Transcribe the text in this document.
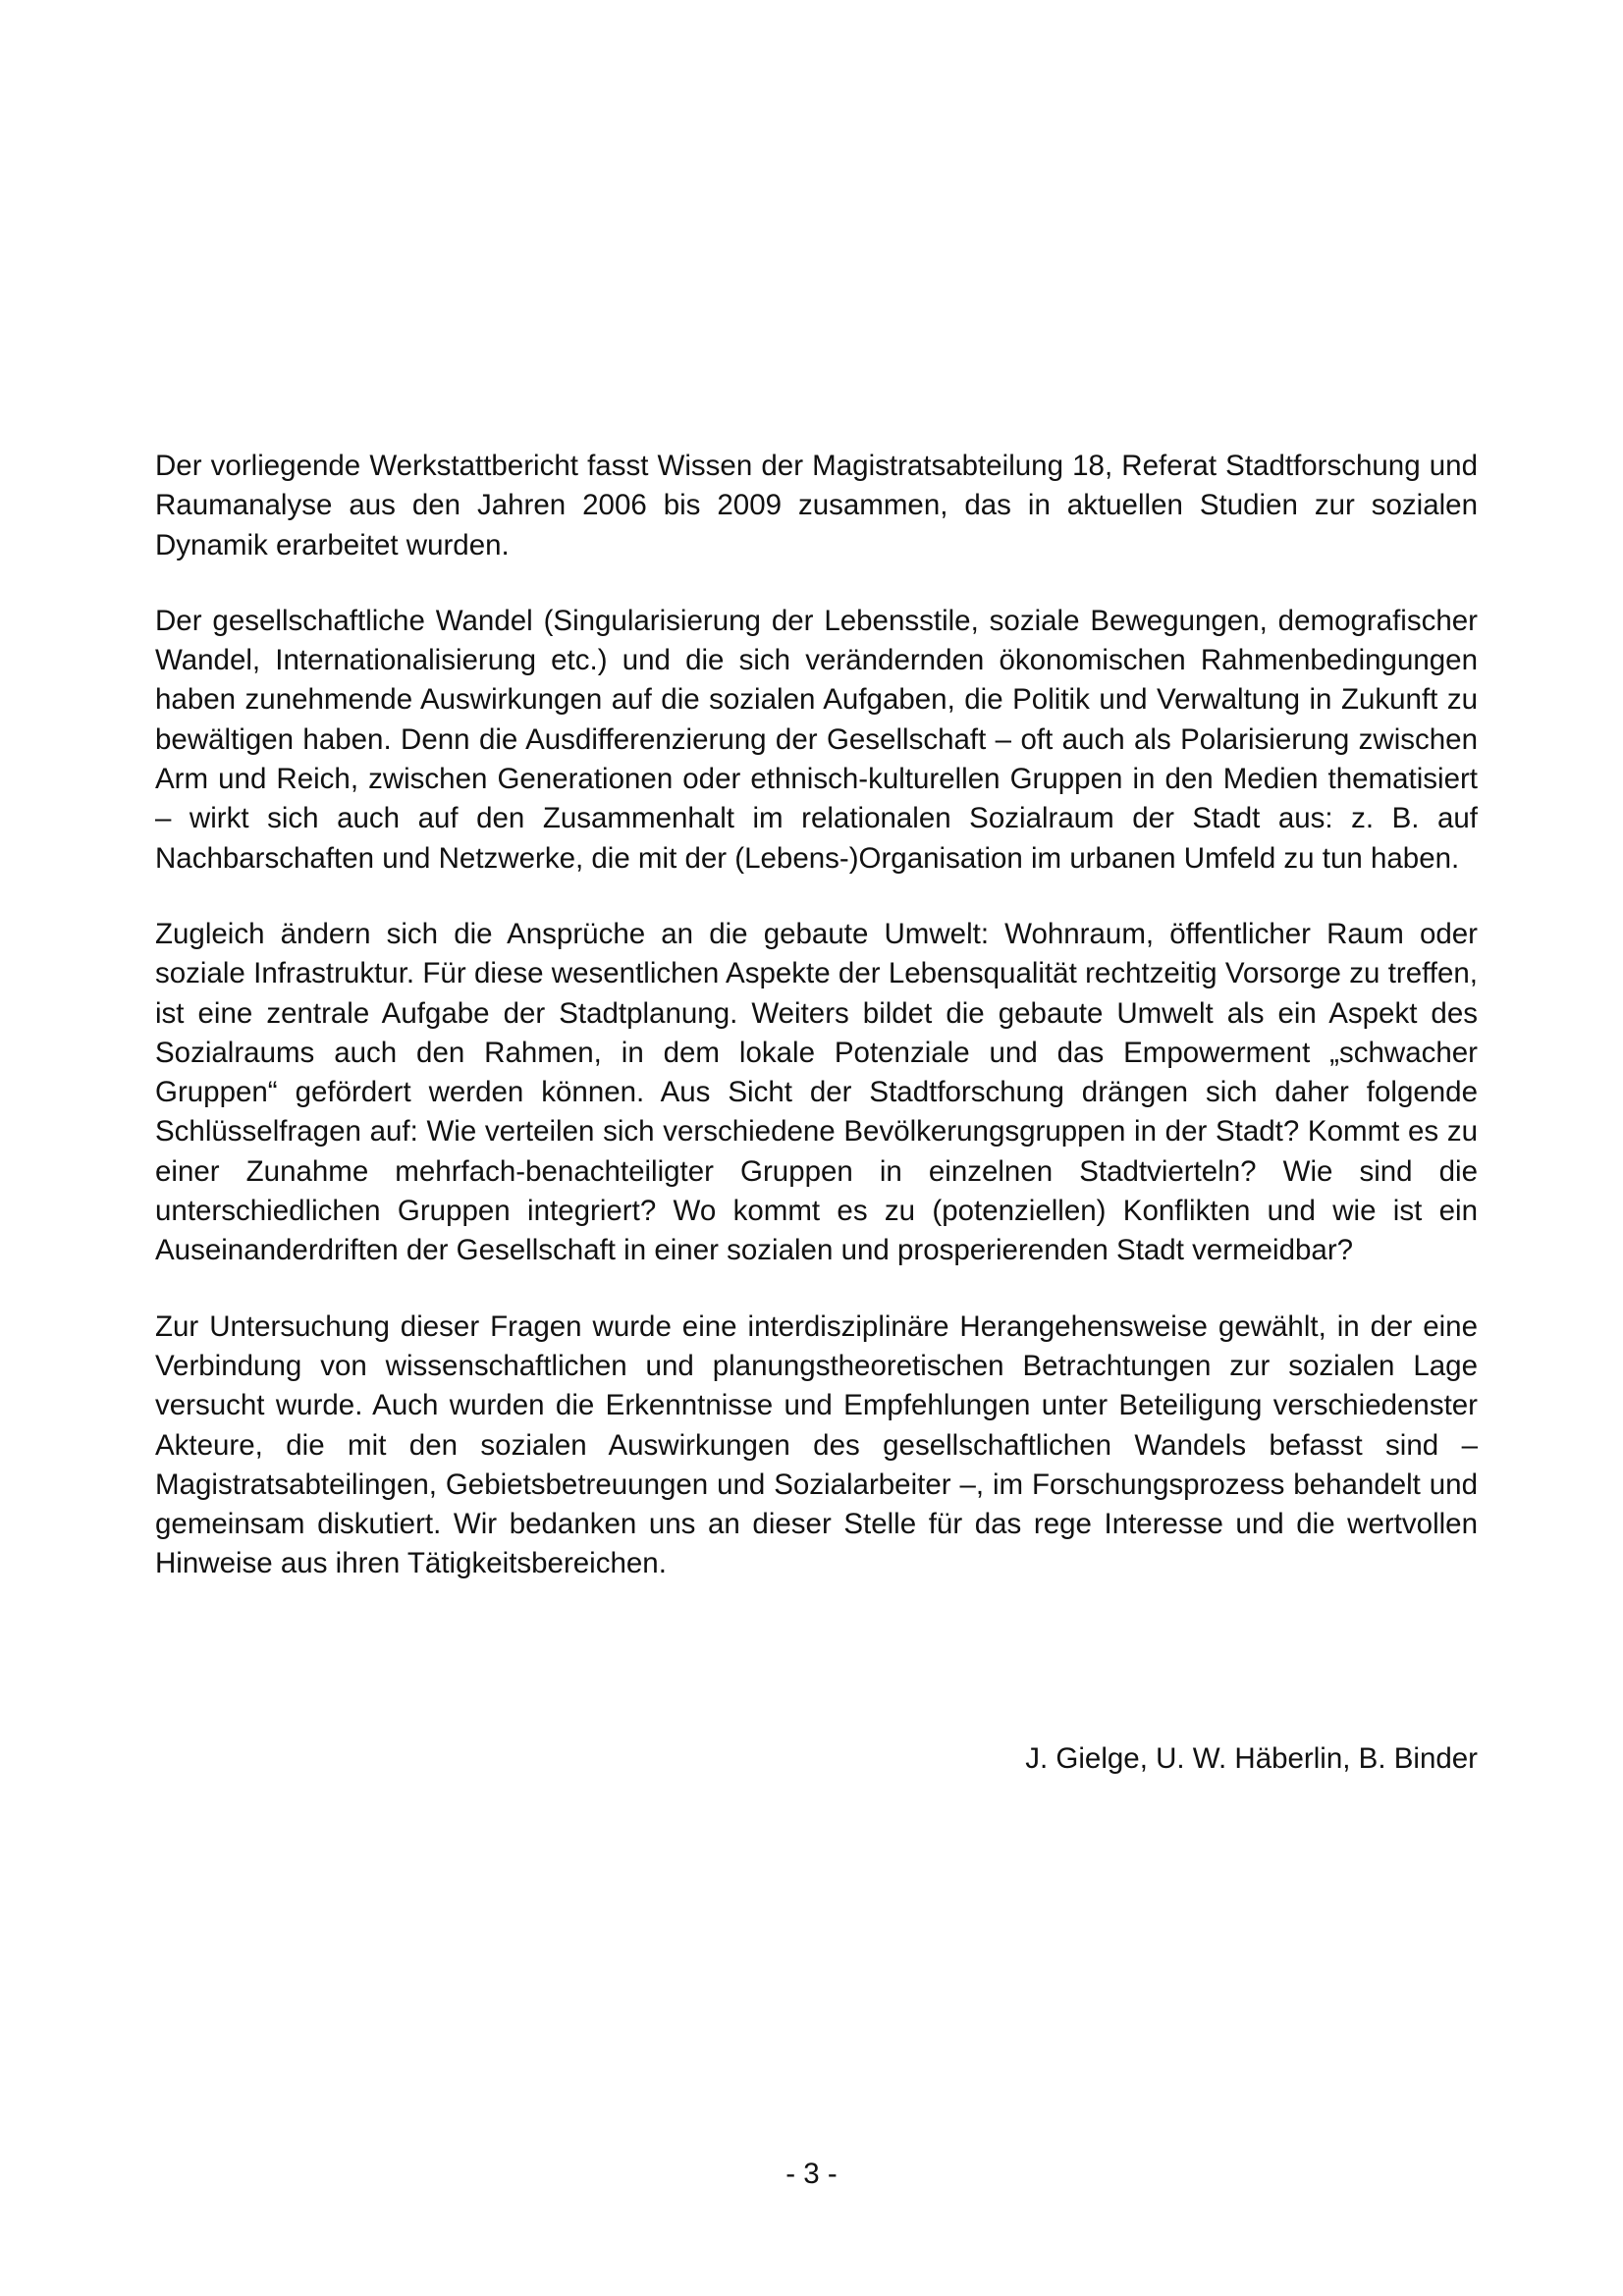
Der vorliegende Werkstattbericht fasst Wissen der Magistratsabteilung 18, Referat Stadtforschung und Raumanalyse aus den Jahren 2006 bis 2009 zusammen, das in aktuellen Studien zur sozialen Dynamik erarbeitet wurden.

Der gesellschaftliche Wandel (Singularisierung der Lebensstile, soziale Bewegungen, demografischer Wandel, Internationalisierung etc.) und die sich verändernden ökonomischen Rahmenbedingungen haben zunehmende Auswirkungen auf die sozialen Aufgaben, die Politik und Verwaltung in Zukunft zu bewältigen haben. Denn die Ausdifferenzierung der Gesellschaft – oft auch als Polarisierung zwischen Arm und Reich, zwischen Generationen oder ethnisch-kulturellen Gruppen in den Medien thematisiert – wirkt sich auch auf den Zusammenhalt im relationalen Sozialraum der Stadt aus: z. B. auf Nachbarschaften und Netzwerke, die mit der (Lebens-)Organisation im urbanen Umfeld zu tun haben.

Zugleich ändern sich die Ansprüche an die gebaute Umwelt: Wohnraum, öffentlicher Raum oder soziale Infrastruktur. Für diese wesentlichen Aspekte der Lebensqualität rechtzeitig Vorsorge zu treffen, ist eine zentrale Aufgabe der Stadtplanung. Weiters bildet die gebaute Umwelt als ein Aspekt des Sozialraums auch den Rahmen, in dem lokale Potenziale und das Empowerment „schwacher Gruppen“ gefördert werden können. Aus Sicht der Stadtforschung drängen sich daher folgende Schlüsselfragen auf: Wie verteilen sich verschiedene Bevölkerungsgruppen in der Stadt? Kommt es zu einer Zunahme mehrfach-benachteiligter Gruppen in einzelnen Stadtvierteln? Wie sind die unterschiedlichen Gruppen integriert? Wo kommt es zu (potenziellen) Konflikten und wie ist ein Auseinanderdriften der Gesellschaft in einer sozialen und prosperierenden Stadt vermeidbar?

Zur Untersuchung dieser Fragen wurde eine interdisziplinäre Herangehensweise gewählt, in der eine Verbindung von wissenschaftlichen und planungstheoretischen Betrachtungen zur sozialen Lage versucht wurde. Auch wurden die Erkenntnisse und Empfehlungen unter Beteiligung verschiedenster Akteure, die mit den sozialen Auswirkungen des gesellschaftlichen Wandels befasst sind – Magistratsabteilingen, Gebietsbetreuungen und Sozialarbeiter –, im Forschungsprozess behandelt und gemeinsam diskutiert. Wir bedanken uns an dieser Stelle für das rege Interesse und die wertvollen Hinweise aus ihren Tätigkeitsbereichen.

J. Gielge, U. W. Häberlin, B. Binder

- 3 -
